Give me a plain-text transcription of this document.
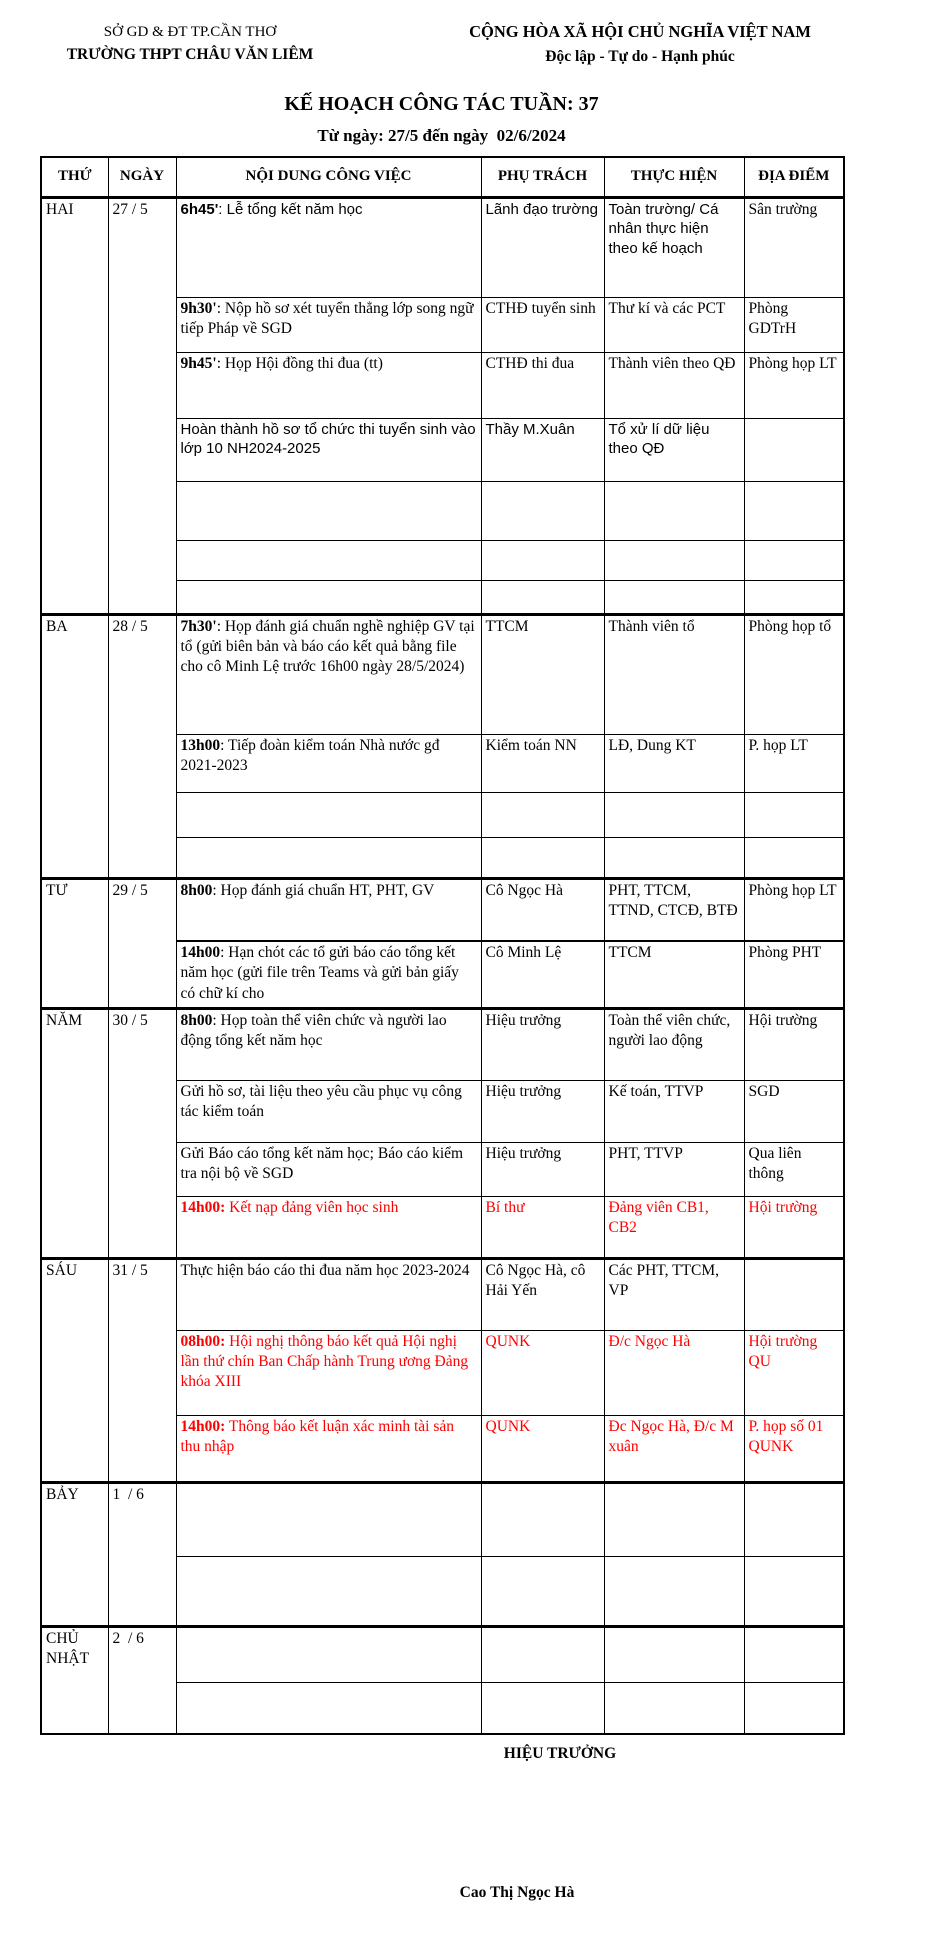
SỞ GD & ĐT TP.CẦN THƠ
TRƯỜNG THPT CHÂU VĂN LIÊM
CỘNG HÒA XÃ HỘI CHỦ NGHĨA VIỆT NAM
Độc lập - Tự do - Hạnh phúc
KẾ HOẠCH CÔNG TÁC TUẦN: 37
Từ ngày: 27/5 đến ngày  02/6/2024
THỨ	NGÀY	NỘI DUNG CÔNG VIỆC	PHỤ TRÁCH	THỰC HIỆN	ĐỊA ĐIỂM
HAI	27 / 5	6h45': Lễ tổng kết năm học	Lãnh đạo trường	Toàn trường/ Cá nhân thực hiện theo kế hoạch	Sân trường
		9h30': Nộp hồ sơ xét tuyển thẳng lớp song ngữ tiếp Pháp về SGD	CTHĐ tuyển sinh	Thư kí và các PCT	Phòng GDTrH
		9h45': Họp Hội đồng thi đua (tt)	CTHĐ thi đua	Thành viên theo QĐ	Phòng họp LT
		Hoàn thành hồ sơ tổ chức thi tuyển sinh vào lớp 10 NH2024-2025	Thầy M.Xuân	Tổ xử lí dữ liệu theo QĐ	

BA	28 / 5	7h30': Họp đánh giá chuẩn nghề nghiệp GV tại tổ (gửi biên bản và báo cáo kết quả bằng file cho cô Minh Lệ trước 16h00 ngày 28/5/2024)	TTCM	Thành viên tổ	Phòng họp tổ
		13h00: Tiếp đoàn kiểm toán Nhà nước gđ 2021-2023	Kiểm toán NN	LĐ, Dung KT	P. họp LT

TƯ	29 / 5	8h00: Họp đánh giá chuẩn HT, PHT, GV	Cô Ngọc Hà	PHT, TTCM, TTND, CTCĐ, BTĐ	Phòng họp LT
		14h00: Hạn chót các tổ gửi báo cáo tổng kết năm học (gửi file trên Teams và gửi bản giấy có chữ kí cho	Cô Minh Lệ	TTCM	Phòng PHT
NĂM	30 / 5	8h00: Họp toàn thể viên chức và người lao động tổng kết năm học	Hiệu trưởng	Toàn thể viên chức, người lao động	Hội trường
		Gửi hồ sơ, tài liệu theo yêu cầu phục vụ công tác kiểm toán	Hiệu trưởng	Kế toán, TTVP	SGD
		Gửi Báo cáo tổng kết năm học; Báo cáo kiểm tra nội bộ về SGD	Hiệu trưởng	PHT, TTVP	Qua liên thông
		14h00: Kết nạp đảng viên học sinh	Bí thư	Đảng viên CB1, CB2	Hội trường
SÁU	31 / 5	Thực hiện báo cáo thi đua năm học 2023-2024	Cô Ngọc Hà, cô Hải Yến	Các PHT, TTCM, VP	
		08h00: Hội nghị thông báo kết quả Hội nghị lần thứ chín Ban Chấp hành Trung ương Đảng khóa XIII	QUNK	Đ/c Ngọc Hà	Hội trường QU
		14h00: Thông báo kết luận xác minh tài sản thu nhập	QUNK	Đc Ngọc Hà, Đ/c M xuân	P. họp số 01 QUNK
BẢY	1  / 6				

CHỦ NHẬT	2  / 6				

HIỆU TRƯỞNG
Cao Thị Ngọc Hà
